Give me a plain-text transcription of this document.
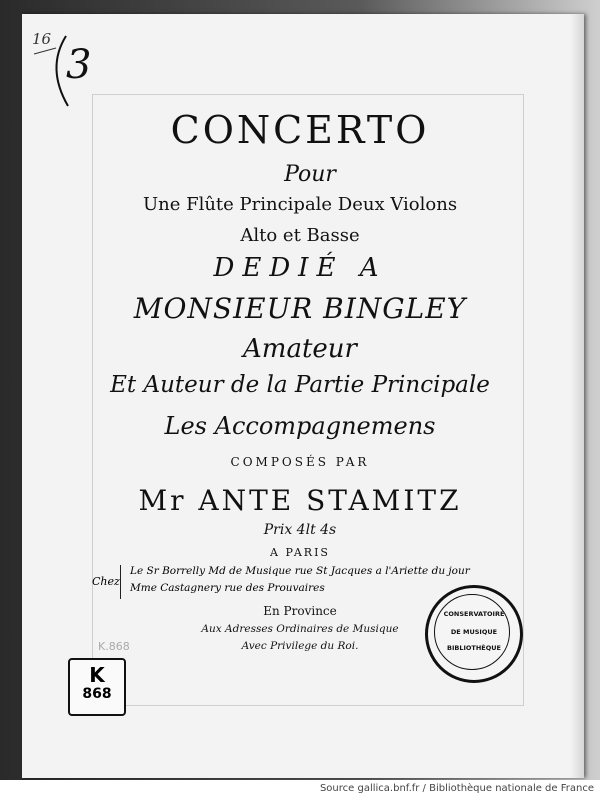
16
3
CONCERTO
Pour
Une Flûte Principale Deux Violons
Alto et Basse
DEDIÉ A
MONSIEUR BINGLEY
Amateur
Et Auteur de la Partie Principale
Les Accompagnemens
COMPOSÉS PAR
Mr ANTE STAMITZ
Prix 4lt 4s
A PARIS
Chez
Le Sr Borrelly Md de Musique rue St Jacques a l'Ariette du jour
Mme Castagnery rue des Prouvaires
En Province
Aux Adresses Ordinaires de Musique
Avec Privilege du Roi.
K.868
K
868
CONSERVATOIRE
DE MUSIQUE
BIBLIOTHÈQUE
Source gallica.bnf.fr / Bibliothèque nationale de France
